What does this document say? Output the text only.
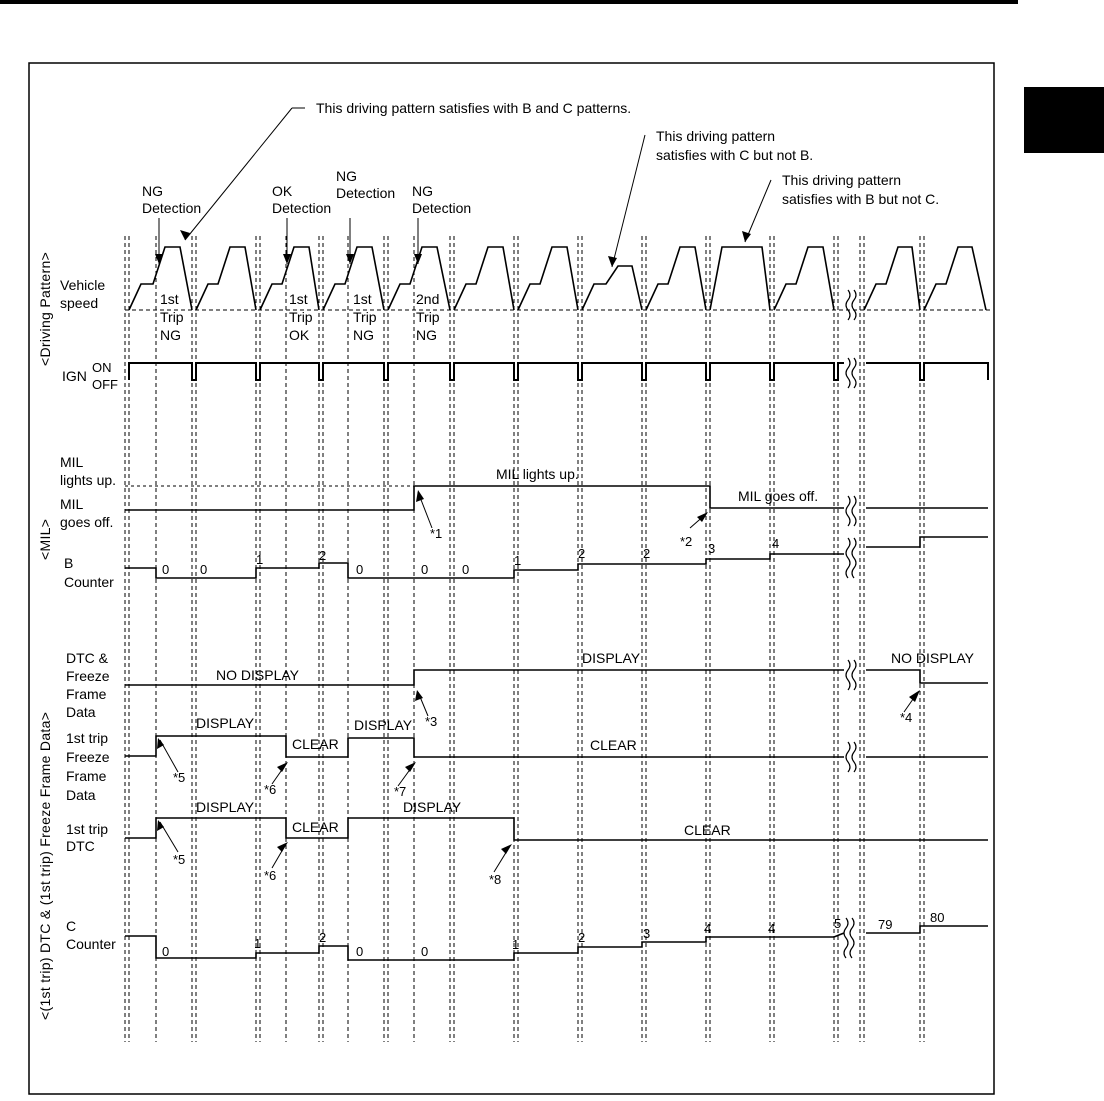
This driving pattern satisfies with B and C patterns.
This driving pattern
satisfies with C but not B.
This driving pattern
satisfies with B but not C.
NG
Detection
OK
Detection
NG
Detection NG
Detection
1st
Trip
NG
1st
Trip
OK
1st
Trip
NG
2nd
Trip
NG
<Driving Pattern>
<MIL>
<(1st trip) DTC & (1st trip) Freeze Frame Data>
Vehicle
speed
IGN
ON
OFF
MIL
lights up.
MIL
goes off.
B
Counter
DTC &
Freeze
Frame
Data
1st trip
Freeze
Frame
Data
1st trip
DTC
C
Counter
MIL lights up.
MIL goes off.
NO DISPLAY
DISPLAY	NO DISPLAY
DISPLAY
CLEAR
DISPLAY
CLEAR
DISPLAY
CLEAR
DISPLAY
CLEAR
*1
*2
*3	*4
*5
*6	*7
*5
*6	*8
0 0
1	2
0	0	0
1	2	2	3	4
0
1	2
0	0	1	2	3	4	4	5	79	80
